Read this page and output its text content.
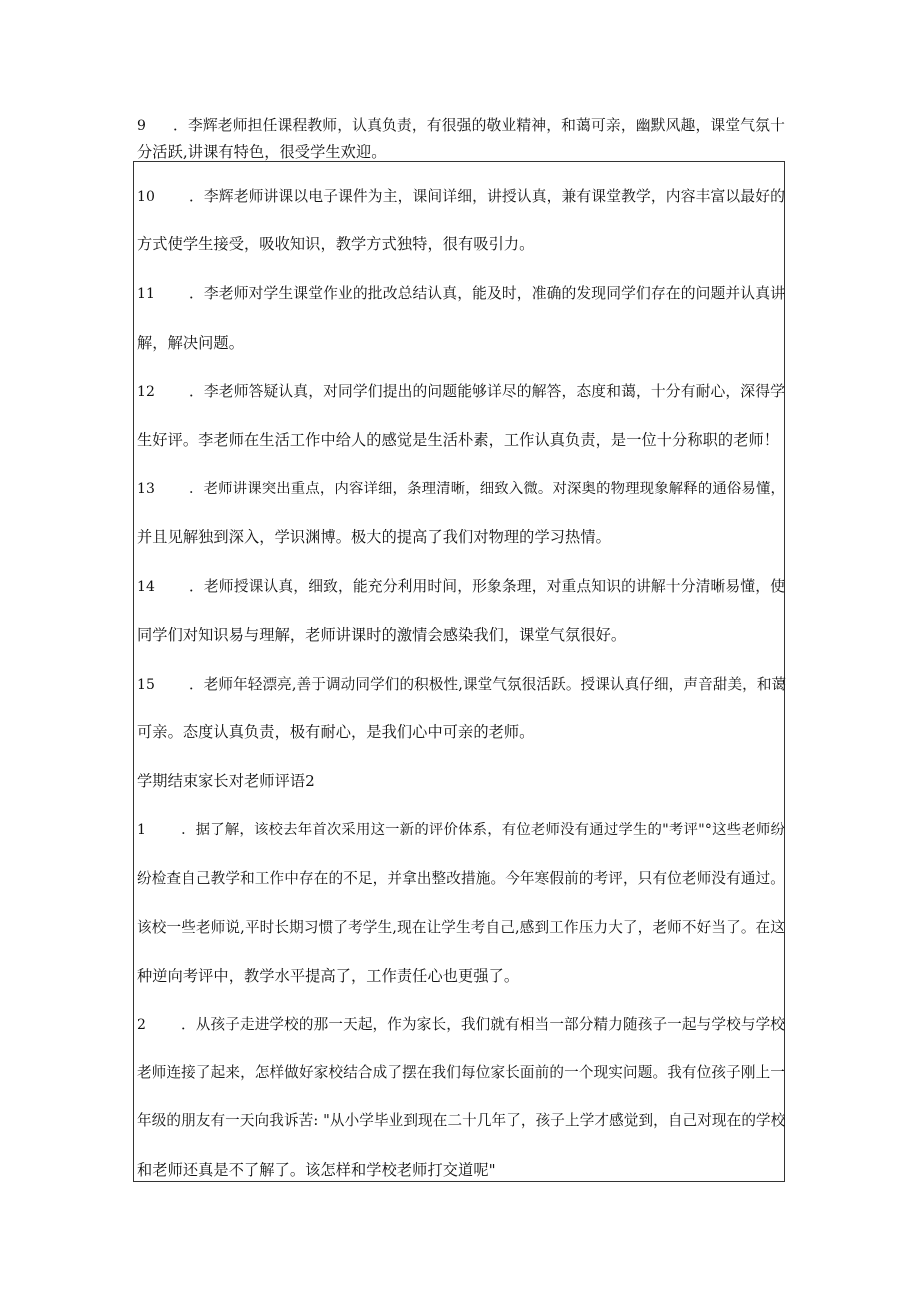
9 ．李辉老师担任课程教师，认真负责，有很强的敬业精神，和蔼可亲，幽默风趣，课堂气氛十
分活跃,讲课有特色，很受学生欢迎。
10 ．李辉老师讲课以电子课件为主，课间详细，讲授认真，兼有课堂教学，内容丰富以最好的
方式使学生接受，吸收知识，教学方式独特，很有吸引力。
11 ．李老师对学生课堂作业的批改总结认真，能及时，准确的发现同学们存在的问题并认真讲
解，解决问题。
12 ．李老师答疑认真，对同学们提出的问题能够详尽的解答，态度和蔼，十分有耐心，深得学
生好评。李老师在生活工作中给人的感觉是生活朴素，工作认真负责，是一位十分称职的老师！
13 ．老师讲课突出重点，内容详细，条理清晰，细致入微。对深奥的物理现象解释的通俗易懂，
并且见解独到深入，学识渊博。极大的提高了我们对物理的学习热情。
14 ．老师授课认真，细致，能充分利用时间，形象条理，对重点知识的讲解十分清晰易懂，使
同学们对知识易与理解，老师讲课时的激情会感染我们，课堂气氛很好。
15 ．老师年轻漂亮,善于调动同学们的积极性,课堂气氛很活跃。授课认真仔细，声音甜美，和蔼
可亲。态度认真负责，极有耐心，是我们心中可亲的老师。
学期结束家长对老师评语2
1 ．据了解，该校去年首次采用这一新的评价体系，有位老师没有通过学生的"考评"°这些老师纷
纷检查自己教学和工作中存在的不足，并拿出整改措施。今年寒假前的考评，只有位老师没有通过。
该校一些老师说,平时长期习惯了考学生,现在让学生考自己,感到工作压力大了，老师不好当了。在这
种逆向考评中，教学水平提高了，工作责任心也更强了。
2 ．从孩子走进学校的那一天起，作为家长，我们就有相当一部分精力随孩子一起与学校与学校
老师连接了起来，怎样做好家校结合成了摆在我们每位家长面前的一个现实问题。我有位孩子刚上一
年级的朋友有一天向我诉苦: "从小学毕业到现在二十几年了，孩子上学才感觉到，自己对现在的学校
和老师还真是不了解了。该怎样和学校老师打交道呢"
